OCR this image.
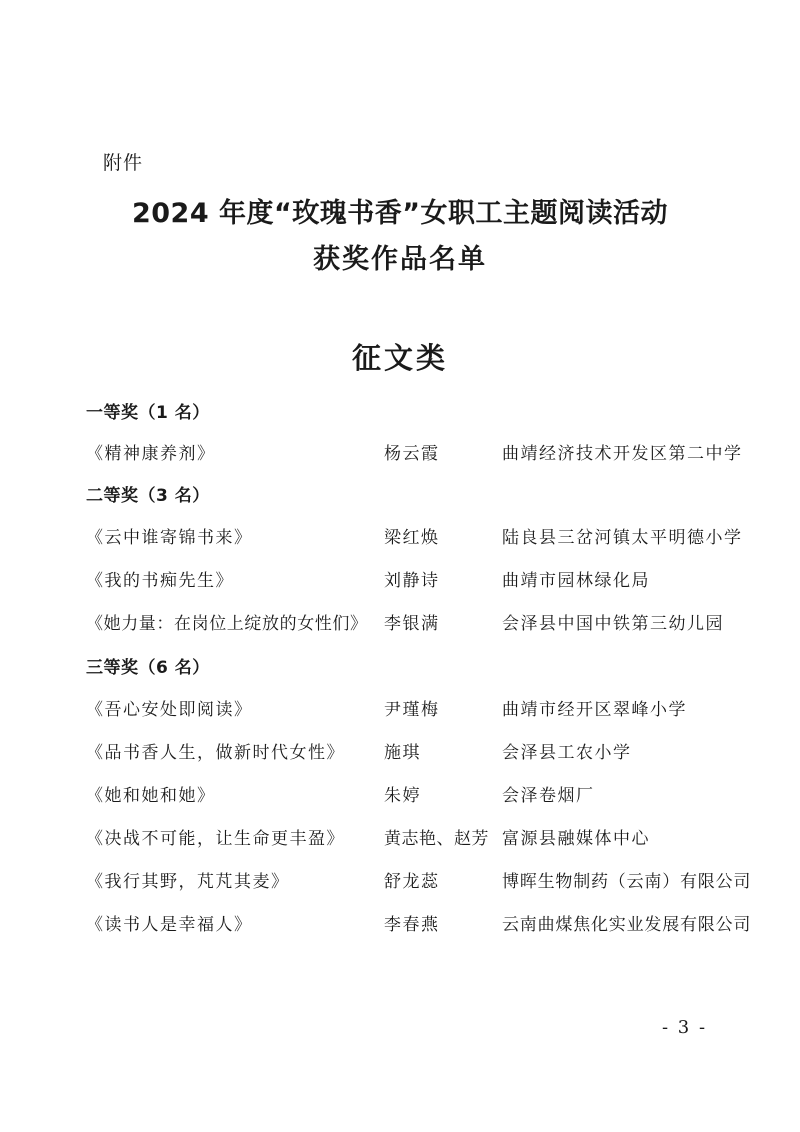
附件
2024 年度“玫瑰书香”女职工主题阅读活动
获奖作品名单
征文类
一等奖（1 名）
《精神康养剂》	杨云霞	曲靖经济技术开发区第二中学
二等奖（3 名）
《云中谁寄锦书来》	梁红焕	陆良县三岔河镇太平明德小学
《我的书痴先生》	刘静诗	曲靖市园林绿化局
《她力量：在岗位上绽放的女性们》 李银满	会泽县中国中铁第三幼儿园
三等奖（6 名）
《吾心安处即阅读》	尹瑾梅	曲靖市经开区翠峰小学
《品书香人生，做新时代女性》 施琪	会泽县工农小学
《她和她和她》	朱婷	会泽卷烟厂
《决战不可能，让生命更丰盈》 黄志艳、赵芳 富源县融媒体中心
《我行其野，芃芃其麦》	舒龙蕊	博晖生物制药（云南）有限公司
《读书人是幸福人》	李春燕	云南曲煤焦化实业发展有限公司
- 3 -
